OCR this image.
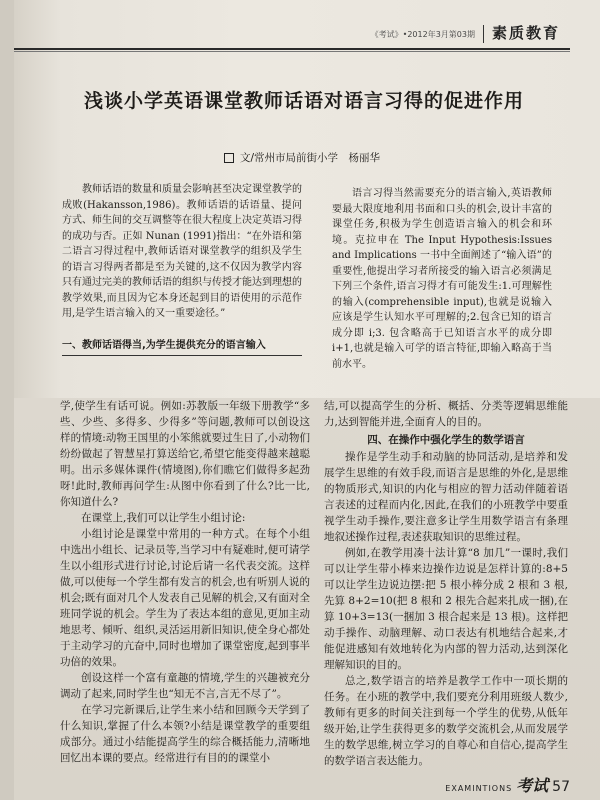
《考试》•2012年3月第03期 素质教育
浅谈小学英语课堂教师话语对语言习得的促进作用
文/常州市局前街小学　杨丽华

教师话语的数量和质量会影响甚至决定课堂教学的成败(Hakansson,1986)。教师话语的话语量、提问方式、师生间的交互调整等在很大程度上决定英语习得的成功与否。正如 Nunan (1991)指出：“在外语和第二语言习得过程中,教师话语对课堂教学的组织及学生的语言习得两者都是至为关键的,这不仅因为教学内容只有通过完美的教师话语的组织与传授才能达到理想的教学效果,而且因为它本身还起到目的语使用的示范作用,是学生语言输入的又一重要途径。”

一、教师话语得当,为学生提供充分的语言输入

语言习得当然需要充分的语言输入,英语教师要最大限度地利用书面和口头的机会,设计丰富的课堂任务,积极为学生创造语言输入的机会和环境。克拉申在 The Input Hypothesis:Issues and Implications 一书中全面阐述了“输入语”的重要性,他提出学习者所接受的输入语言必须满足下列三个条件,语言习得才有可能发生:1.可理解性的输入(comprehensible input),也就是说输入应该是学生认知水平可理解的;2.包含已知的语言成分即 i;3. 包含略高于已知语言水平的成分即 i+1,也就是输入可学的语言特征,即输入略高于当前水平。

学,使学生有话可说。例如:苏教版一年级下册教学“多些、少些、多得多、少得多”等问题,教师可以创设这样的情境:动物王国里的小笨熊就要过生日了,小动物们纷纷做起了智慧星打算送给它,希望它能变得越来越聪明。出示多媒体课件(情境图),你们瞧它们做得多起劲呀!此时,教师再问学生:从图中你看到了什么?比一比,你知道什么?

在课堂上,我们可以让学生小组讨论:

小组讨论是课堂中常用的一种方式。在每个小组中选出小组长、记录员等,当学习中有疑难时,便可请学生以小组形式进行讨论,讨论后请一名代表交流。这样做,可以使每一个学生都有发言的机会,也有听别人说的机会;既有面对几个人发表自己见解的机会,又有面对全班同学说的机会。学生为了表达本组的意见,更加主动地思考、倾听、组织,灵活运用新旧知识,使全身心都处于主动学习的亢奋中,同时也增加了课堂密度,起到事半功倍的效果。

创设这样一个富有童趣的情境,学生的兴趣被充分调动了起来,同时学生也“知无不言,言无不尽了”。

在学习完新课后,让学生来小结和回顾今天学到了什么知识,掌握了什么本领?小结是课堂教学的重要组成部分。通过小结能提高学生的综合概括能力,清晰地回忆出本课的要点。经常进行有目的的课堂小

结,可以提高学生的分析、概括、分类等逻辑思维能力,达到智能并进,全面育人的目的。

四、在操作中强化学生的数学语言

操作是学生动手和动脑的协同活动,是培养和发展学生思维的有效手段,而语言是思维的外化,是思维的物质形式,知识的内化与相应的智力活动伴随着语言表述的过程而内化,因此,在我们的小班教学中要重视学生动手操作,要注意多让学生用数学语言有条理地叙述操作过程,表述获取知识的思维过程。

例如,在教学用凑十法计算“8 加几”一课时,我们可以让学生带小棒来边操作边说是怎样计算的:8+5 可以让学生边说边摆:把 5 根小棒分成 2 根和 3 根,先算 8+2=10(把 8 根和 2 根先合起来扎成一捆),在算 10+3=13(一捆加 3 根合起来是 13 根)。这样把动手操作、动脑理解、动口表达有机地结合起来,才能促进感知有效地转化为内部的智力活动,达到深化理解知识的目的。

总之,数学语言的培养是教学工作中一项长期的任务。在小班的教学中,我们要充分利用班级人数少,教师有更多的时间关注到每一个学生的优势,从低年级开始,让学生获得更多的数学交流机会,从而发展学生的数学思维,树立学习的自尊心和自信心,提高学生的数学语言表达能力。

EXAMINTIONS 考试 57
